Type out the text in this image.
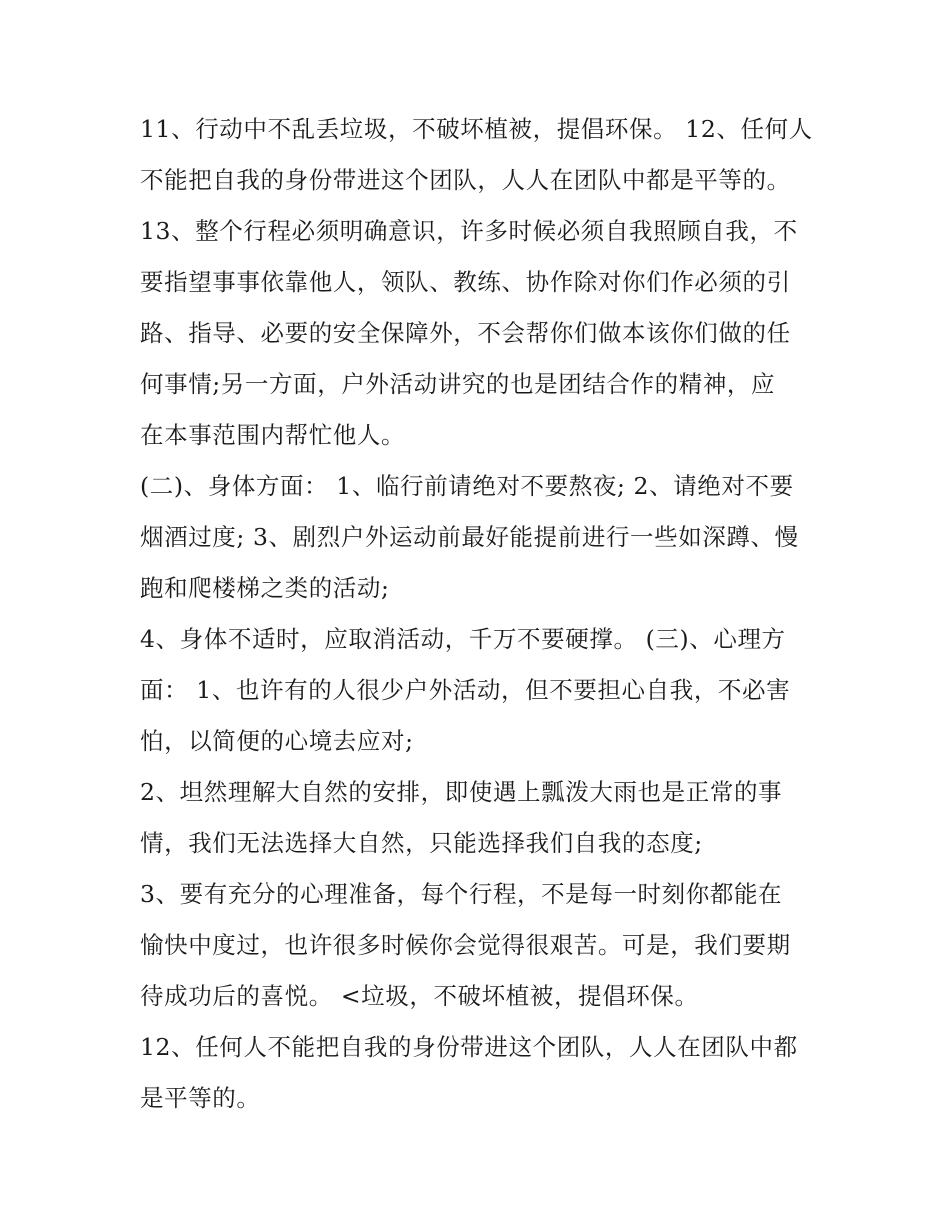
11、行动中不乱丢垃圾，不破坏植被，提倡环保。 12、任何人
不能把自我的身份带进这个团队，人人在团队中都是平等的。
13、整个行程必须明确意识，许多时候必须自我照顾自我，不
要指望事事依靠他人，领队、教练、协作除对你们作必须的引
路、指导、必要的安全保障外，不会帮你们做本该你们做的任
何事情;另一方面，户外活动讲究的也是团结合作的精神，应
在本事范围内帮忙他人。
(二)、身体方面： 1、临行前请绝对不要熬夜; 2、请绝对不要
烟酒过度; 3、剧烈户外运动前最好能提前进行一些如深蹲、慢
跑和爬楼梯之类的活动;
4、身体不适时，应取消活动，千万不要硬撑。 (三)、心理方
面： 1、也许有的人很少户外活动，但不要担心自我，不必害
怕，以简便的心境去应对;
2、坦然理解大自然的安排，即使遇上瓢泼大雨也是正常的事
情，我们无法选择大自然，只能选择我们自我的态度;
3、要有充分的心理准备，每个行程，不是每一时刻你都能在
愉快中度过，也许很多时候你会觉得很艰苦。可是，我们要期
待成功后的喜悦。 <垃圾，不破坏植被，提倡环保。
12、任何人不能把自我的身份带进这个团队，人人在团队中都
是平等的。
